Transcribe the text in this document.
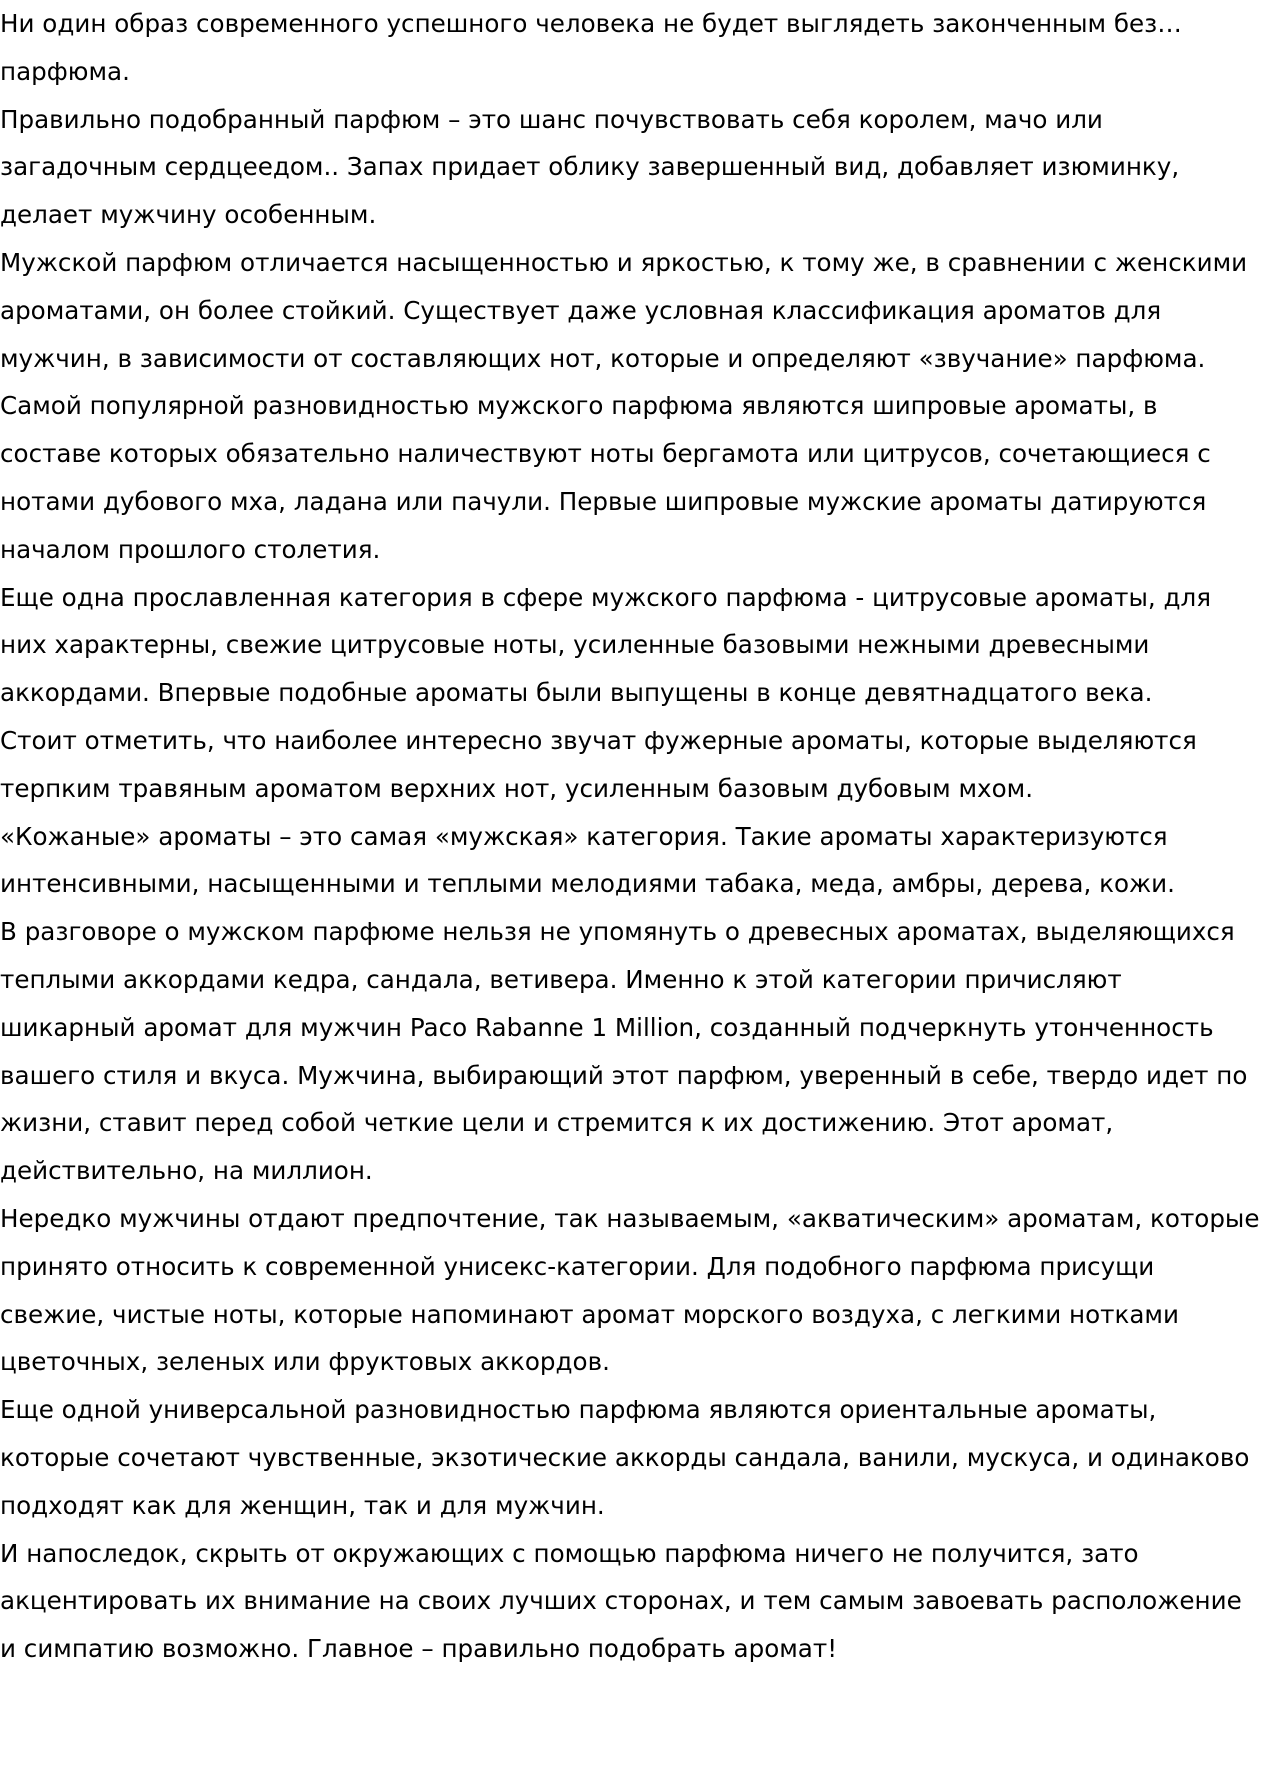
Ни один образ современного успешного человека не будет выглядеть законченным без… парфюма.

Правильно подобранный парфюм – это шанс почувствовать себя королем, мачо или загадочным сердцеедом.. Запах придает облику завершенный вид, добавляет изюминку, делает мужчину особенным.

Мужской парфюм отличается насыщенностью и яркостью, к тому же, в сравнении с женскими ароматами, он более стойкий. Существует даже условная классификация ароматов для мужчин, в зависимости от составляющих нот, которые и определяют «звучание» парфюма.

Самой популярной разновидностью мужского парфюма являются шипровые ароматы, в составе которых обязательно наличествуют ноты бергамота или цитрусов, сочетающиеся с нотами дубового мха, ладана или пачули. Первые шипровые мужские ароматы датируются началом прошлого столетия.

Еще одна прославленная категория в сфере мужского парфюма - цитрусовые ароматы, для них характерны, свежие цитрусовые ноты, усиленные базовыми нежными древесными аккордами. Впервые подобные ароматы были выпущены в конце девятнадцатого века.

Стоит отметить, что наиболее интересно звучат фужерные ароматы, которые выделяются терпким травяным ароматом верхних нот, усиленным базовым дубовым мхом.

«Кожаные» ароматы – это самая «мужская» категория. Такие ароматы характеризуются интенсивными, насыщенными и теплыми мелодиями табака, меда, амбры, дерева, кожи.

В разговоре о мужском парфюме нельзя не упомянуть о древесных ароматах, выделяющихся теплыми аккордами кедра, сандала, ветивера. Именно к этой категории причисляют шикарный аромат для мужчин Paco Rabanne 1 Million, созданный подчеркнуть утонченность вашего стиля и вкуса. Мужчина, выбирающий этот парфюм, уверенный в себе, твердо идет по жизни, ставит перед собой четкие цели и стремится к их достижению. Этот аромат, действительно, на миллион.

Нередко мужчины отдают предпочтение, так называемым, «акватическим» ароматам, которые принято относить к современной унисекс-категории. Для подобного парфюма присущи свежие, чистые ноты, которые напоминают аромат морского воздуха, с легкими нотками цветочных, зеленых или фруктовых аккордов.

Еще одной универсальной разновидностью парфюма являются ориентальные ароматы, которые сочетают чувственные, экзотические аккорды сандала, ванили, мускуса, и одинаково подходят как для женщин, так и для мужчин.

И напоследок, скрыть от окружающих с помощью парфюма ничего не получится, зато акцентировать их внимание на своих лучших сторонах, и тем самым завоевать расположение и симпатию возможно. Главное – правильно подобрать аромат!
